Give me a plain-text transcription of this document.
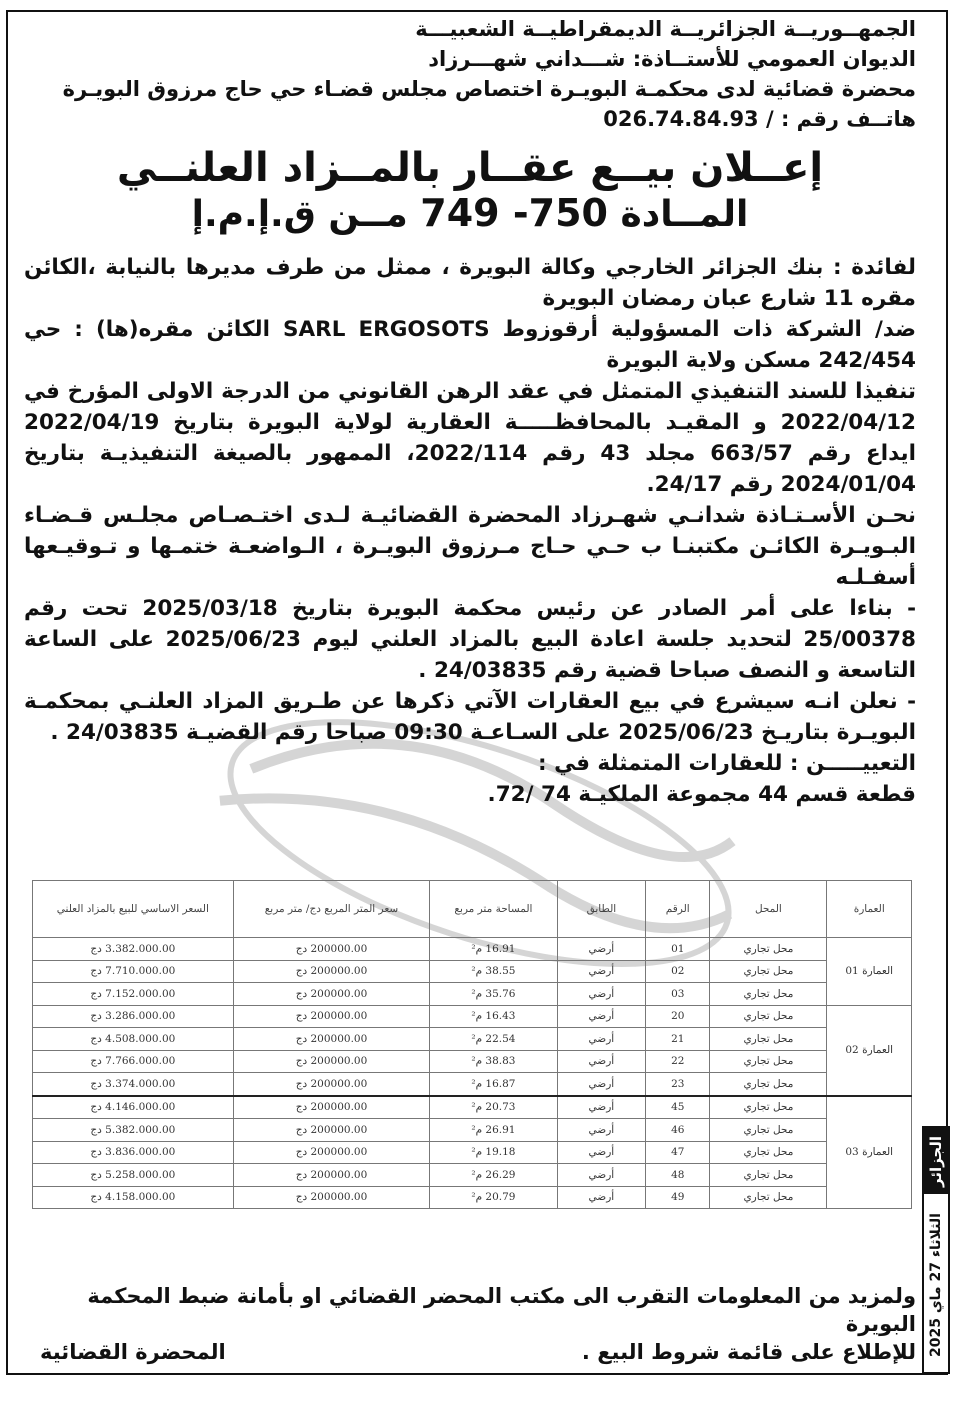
الجمهــوريــة الجزائريــة الديمقراطيــة الشعبيـــة
الديوان العمومي للأستــاذة: شـــداني شهـــرزاد
محضرة قضائية لدى محكمـة البويـرة اختصاص مجلس قضـاء حي حاج مرزوق البويـرة
هاتــف رقم : 026.74.84.93 /
إعــلان بيــع عقــار بالمــزاد العلنــي
المــادة 750- 749 مــن ق.إ.م.إ
لفائدة : بنك الجزائر الخارجي وكالة البويرة ، ممثل من طرف مديرها بالنيابة ،الكائن مقره 11 شارع عبان رمضان البويرة
ضد/ الشركة ذات المسؤولية أرقوزوط SARL ERGOSOTS الكائن مقره(ها) : حي 242/454 مسكن ولاية البويرة
تنفيذا للسند التنفيذي المتمثل في عقد الرهن القانوني من الدرجة الاولى المؤرخ في 2022/04/12 و المقيـد بالمحافظـــــة العقارية لولاية البويرة بتاريخ 2022/04/19 ايداع رقم 663/57 مجلد 43 رقم 2022/114، الممهور بالصيغة التنفيذيـة بتاريخ 2024/01/04 رقم 24/17.
نحـن الأسـتـاذة شدانـي شهـرزاد المحضرة القضائيـة لـدى اختـصـاص مجلـس قـضـاء البـويـرة الكائـن مكتبنـا ب حـي حـاج مـرزوق البويـرة ، الـواضعـة ختمـها و تـوقيـعها أسفـلـه
- بناءا على أمر الصادر عن رئيس محكمة البويرة بتاريخ 2025/03/18 تحت رقم 25/00378 لتحديد جلسة اعادة البيع بالمزاد العلني ليوم 2025/06/23 على الساعة التاسعة و النصف صباحا قضية رقم 24/03835 .
- نعلن انـه سيشرع في بيع العقارات الآتي ذكرها عن طـريق المزاد العلنـي بمحكمـة البويـرة بتاريـخ 2025/06/23 على السـاعـة 09:30 صباحا رقم القضيـة 24/03835 .
التعييـــــن : للعقارات المتمثلة في :
قطعة قسم 44 مجموعة الملكيـة 74 /72.
العمارة	المحل	الرقم	الطابق	المساحة متر مربع	سعر المتر المربع دج/ متر مربع	السعر الاساسي للبيع بالمزاد العلني
العمارة 01	محل تجاري	01	أرضي	16.91 م²	200000.00 دج	3.382.000.00 دج
	محل تجاري	02	أرضي	38.55 م²	200000.00 دج	7.710.000.00 دج
	محل تجاري	03	أرضي	35.76 م²	200000.00 دج	7.152.000.00 دج
العمارة 02	محل تجاري	20	أرضي	16.43 م²	200000.00 دج	3.286.000.00 دج
	محل تجاري	21	أرضي	22.54 م²	200000.00 دج	4.508.000.00 دج
	محل تجاري	22	أرضي	38.83 م²	200000.00 دج	7.766.000.00 دج
	محل تجاري	23	أرضي	16.87 م²	200000.00 دج	3.374.000.00 دج
العمارة 03	محل تجاري	45	أرضي	20.73 م²	200000.00 دج	4.146.000.00 دج
	محل تجاري	46	أرضي	26.91 م²	200000.00 دج	5.382.000.00 دج
	محل تجاري	47	أرضي	19.18 م²	200000.00 دج	3.836.000.00 دج
	محل تجاري	48	أرضي	26.29 م²	200000.00 دج	5.258.000.00 دج
	محل تجاري	49	أرضي	20.79 م²	200000.00 دج	4.158.000.00 دج
الجزائر
الثلاثاء 27 ماي 2025
ولمزيد من المعلومات التقرب الى مكتب المحضر القضائي او بأمانة ضبط المحكمة البويرة
للإطلاع على قائمة شروط البيع .
المحضرة القضائية
